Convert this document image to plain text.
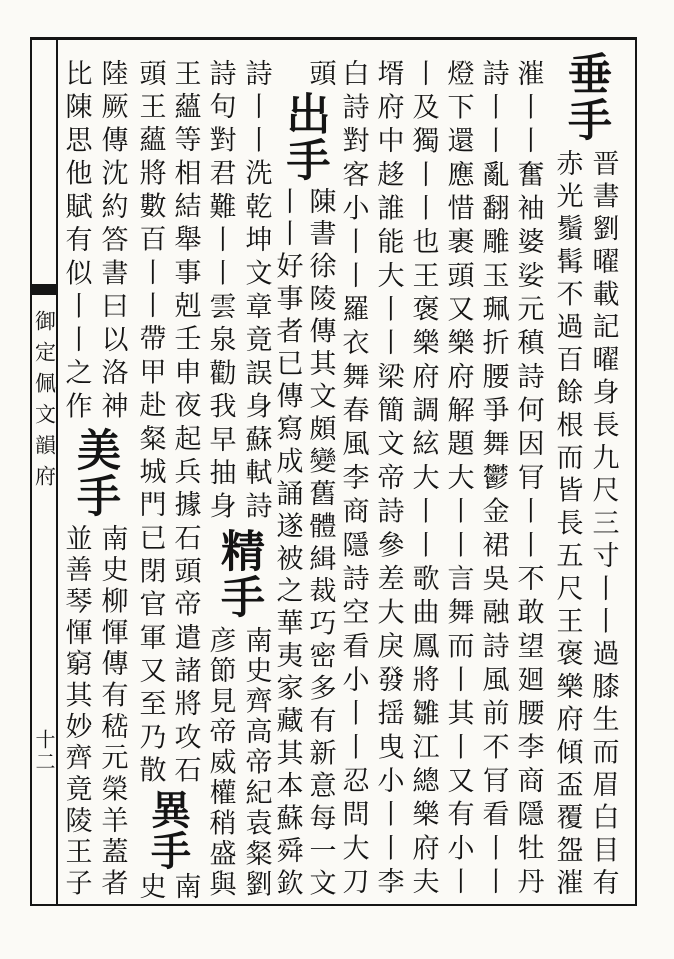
御定佩文韻府
十二
垂手
晋書劉曜載記曜身長九尺三寸丨丨過膝生而眉白目有
赤光鬚髯不過百餘根而皆長五尺王褒樂府傾盃覆盌漼
漼丨丨奮袖婆娑元稹詩何因肎丨丨不敢望廻腰李商隱牡丹
詩丨丨亂翻雕玉珮折腰爭舞鬱金裙吳融詩風前不肎看丨丨
燈下還應惜裹頭又樂府解題大丨丨言舞而丨其丨又有小丨
丨及獨丨丨也王褒樂府調絃大丨丨歌曲鳳將雛江總樂府夫
壻府中趍誰能大丨丨梁簡文帝詩參差大戾發揺曳小丨丨李
白詩對客小丨丨羅衣舞春風李商隱詩空看小丨丨忍問大刀
頭
出手
陳書徐陵傳其文頗變舊體緝裁巧密多有新意每一文
丨丨好事者已傳寫成誦遂被之華夷家藏其本蘇舜欽
詩丨丨洗乾坤文章竟誤身蘇軾詩
詩句對君難丨丨雲泉勸我早抽身
精手
南史齊高帝紀袁粲劉
彦節見帝威權稍盛與
王蘊等相結舉事剋壬申夜起兵據石頭帝遣諸將攻石
頭王蘊將數百丨丨帶甲赴粲城門已閉官軍又至乃散
異手
南
史
陸厥傳沈約答書曰以洛神
比陳思他賦有似丨丨之作
美手
南史柳惲傳有嵇元榮羊蓋者
並善琴惲窮其妙齊竟陵王子
